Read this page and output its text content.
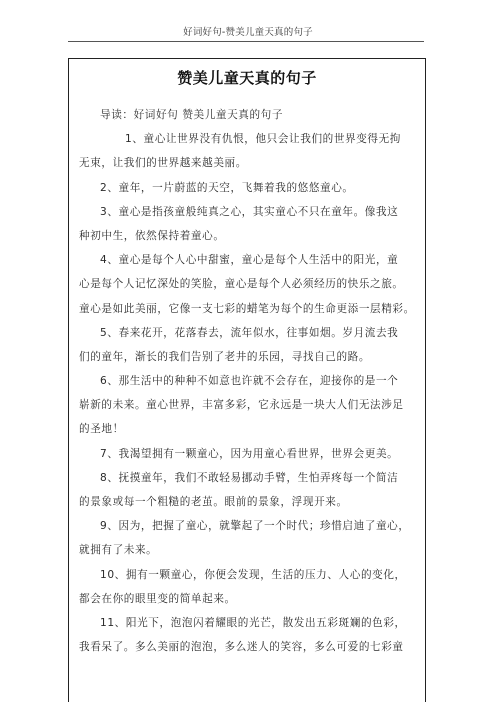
好词好句-赞美儿童天真的句子
赞美儿童天真的句子
导读：好词好句 赞美儿童天真的句子
1、童心让世界没有仇恨，他只会让我们的世界变得无拘
无束，让我们的世界越来越美丽。
2、童年，一片蔚蓝的天空，飞舞着我的悠悠童心。
3、童心是指孩童般纯真之心，其实童心不只在童年。像我这
种初中生，依然保持着童心。
4、童心是每个人心中甜蜜，童心是每个人生活中的阳光，童
心是每个人记忆深处的笑脸，童心是每个人必须经历的快乐之旅。
童心是如此美丽，它像一支七彩的蜡笔为每个的生命更添一层精彩。
5、春来花开，花落春去，流年似水，往事如烟。岁月流去我
们的童年，渐长的我们告别了老井的乐园，寻找自己的路。
6、那生活中的种种不如意也许就不会存在，迎接你的是一个
崭新的未来。童心世界，丰富多彩，它永远是一块大人们无法涉足
的圣地！
7、我渴望拥有一颗童心，因为用童心看世界，世界会更美。
8、抚摸童年，我们不敢轻易挪动手臂，生怕弄疼每一个简洁
的景象或每一个粗糙的老茧。眼前的景象，浮现开来。
9、因为，把握了童心，就擎起了一个时代；珍惜启迪了童心，
就拥有了未来。
10、拥有一颗童心，你便会发现，生活的压力、人心的变化，
都会在你的眼里变的简单起来。
11、阳光下，泡泡闪着耀眼的光芒，散发出五彩斑斓的色彩，
我看呆了。多么美丽的泡泡，多么迷人的笑容，多么可爱的七彩童
